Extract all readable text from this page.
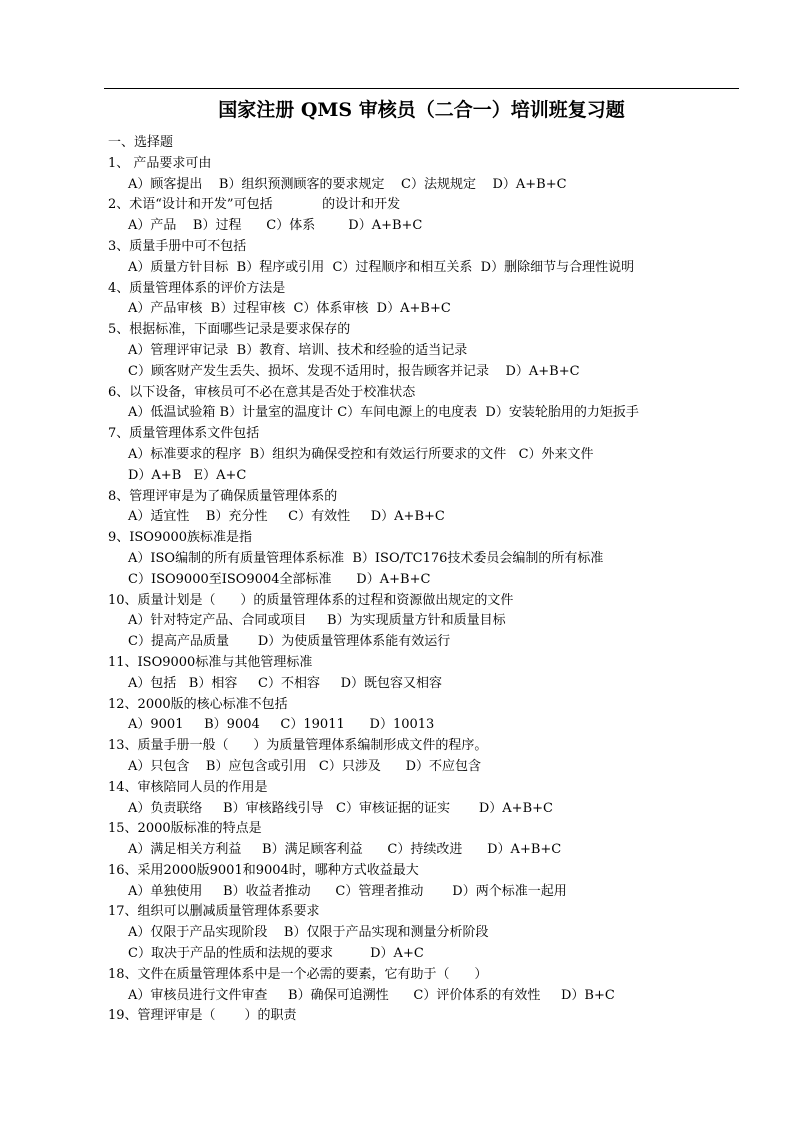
国家注册 QMS 审核员（二合一）培训班复习题
一、选择题
1、 产品要求可由
A）顾客提出    B）组织预测顾客的要求规定    C）法规规定    D）A+B+C
2、术语“设计和开发”可包括            的设计和开发
A）产品    B）过程      C）体系        D）A+B+C
3、质量手册中可不包括
A）质量方针目标  B）程序或引用  C）过程顺序和相互关系  D）删除细节与合理性说明
4、质量管理体系的评价方法是
A）产品审核  B）过程审核  C）体系审核  D）A+B+C
5、根据标准，下面哪些记录是要求保存的
A）管理评审记录  B）教育、培训、技术和经验的适当记录
C）顾客财产发生丢失、损坏、发现不适用时，报告顾客并记录    D）A+B+C
6、以下设备，审核员可不必在意其是否处于校准状态
A）低温试验箱 B）计量室的温度计 C）车间电源上的电度表  D）安装轮胎用的力矩扳手
7、质量管理体系文件包括
A）标准要求的程序  B）组织为确保受控和有效运行所要求的文件   C）外来文件
D）A+B   E）A+C
8、管理评审是为了确保质量管理体系的
A）适宜性    B）充分性     C）有效性     D）A+B+C
9、ISO9000族标准是指
A）ISO编制的所有质量管理体系标准  B）ISO/TC176技术委员会编制的所有标准
C）ISO9000至ISO9004全部标准      D）A+B+C
10、质量计划是（      ）的质量管理体系的过程和资源做出规定的文件
A）针对特定产品、合同或项目     B）为实现质量方针和质量目标
C）提高产品质量       D）为使质量管理体系能有效运行
11、ISO9000标准与其他管理标准
A）包括   B）相容     C）不相容     D）既包容又相容
12、2000版的核心标准不包括
A）9001     B）9004     C）19011      D）10013
13、质量手册一般（      ）为质量管理体系编制形成文件的程序。
A）只包含    B）应包含或引用   C）只涉及      D）不应包含
14、审核陪同人员的作用是
A）负责联络     B）审核路线引导   C）审核证据的证实       D）A+B+C
15、2000版标准的特点是
A）满足相关方利益     B）满足顾客利益      C）持续改进      D）A+B+C
16、采用2000版9001和9004时，哪种方式收益最大
A）单独使用     B）收益者推动      C）管理者推动       D）两个标准一起用
17、组织可以删减质量管理体系要求
A）仅限于产品实现阶段    B）仅限于产品实现和测量分析阶段
C）取决于产品的性质和法规的要求         D）A+C
18、文件在质量管理体系中是一个必需的要素，它有助于（      ）
A）审核员进行文件审查     B）确保可追溯性      C）评价体系的有效性     D）B+C
19、管理评审是（       ）的职责
